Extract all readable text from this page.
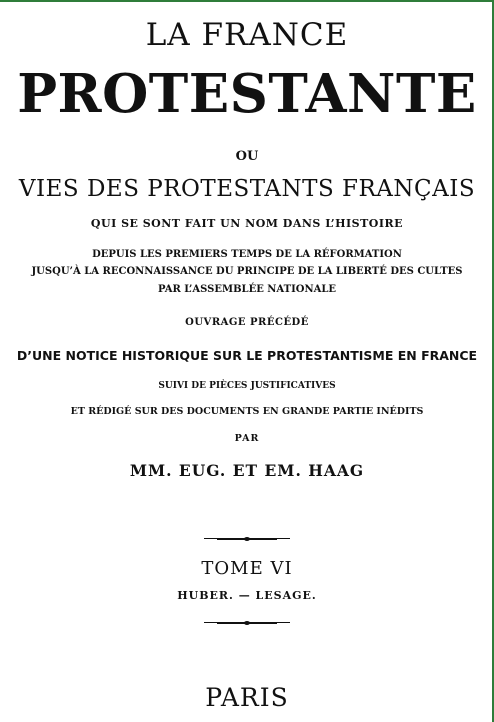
LA FRANCE
PROTESTANTE
OU
VIES DES PROTESTANTS FRANÇAIS
QUI SE SONT FAIT UN NOM DANS L’HISTOIRE
DEPUIS LES PREMIERS TEMPS DE LA RÉFORMATION
JUSQU’À LA RECONNAISSANCE DU PRINCIPE DE LA LIBERTÉ DES CULTES
PAR L’ASSEMBLÉE NATIONALE
OUVRAGE PRÉCÉDÉ
D’UNE NOTICE HISTORIQUE SUR LE PROTESTANTISME EN FRANCE
SUIVI DE PIÈCES JUSTIFICATIVES
ET RÉDIGÉ SUR DES DOCUMENTS EN GRANDE PARTIE INÉDITS
PAR
MM. EUG. ET EM. HAAG
TOME VI
HUBER. — LESAGE.
PARIS
